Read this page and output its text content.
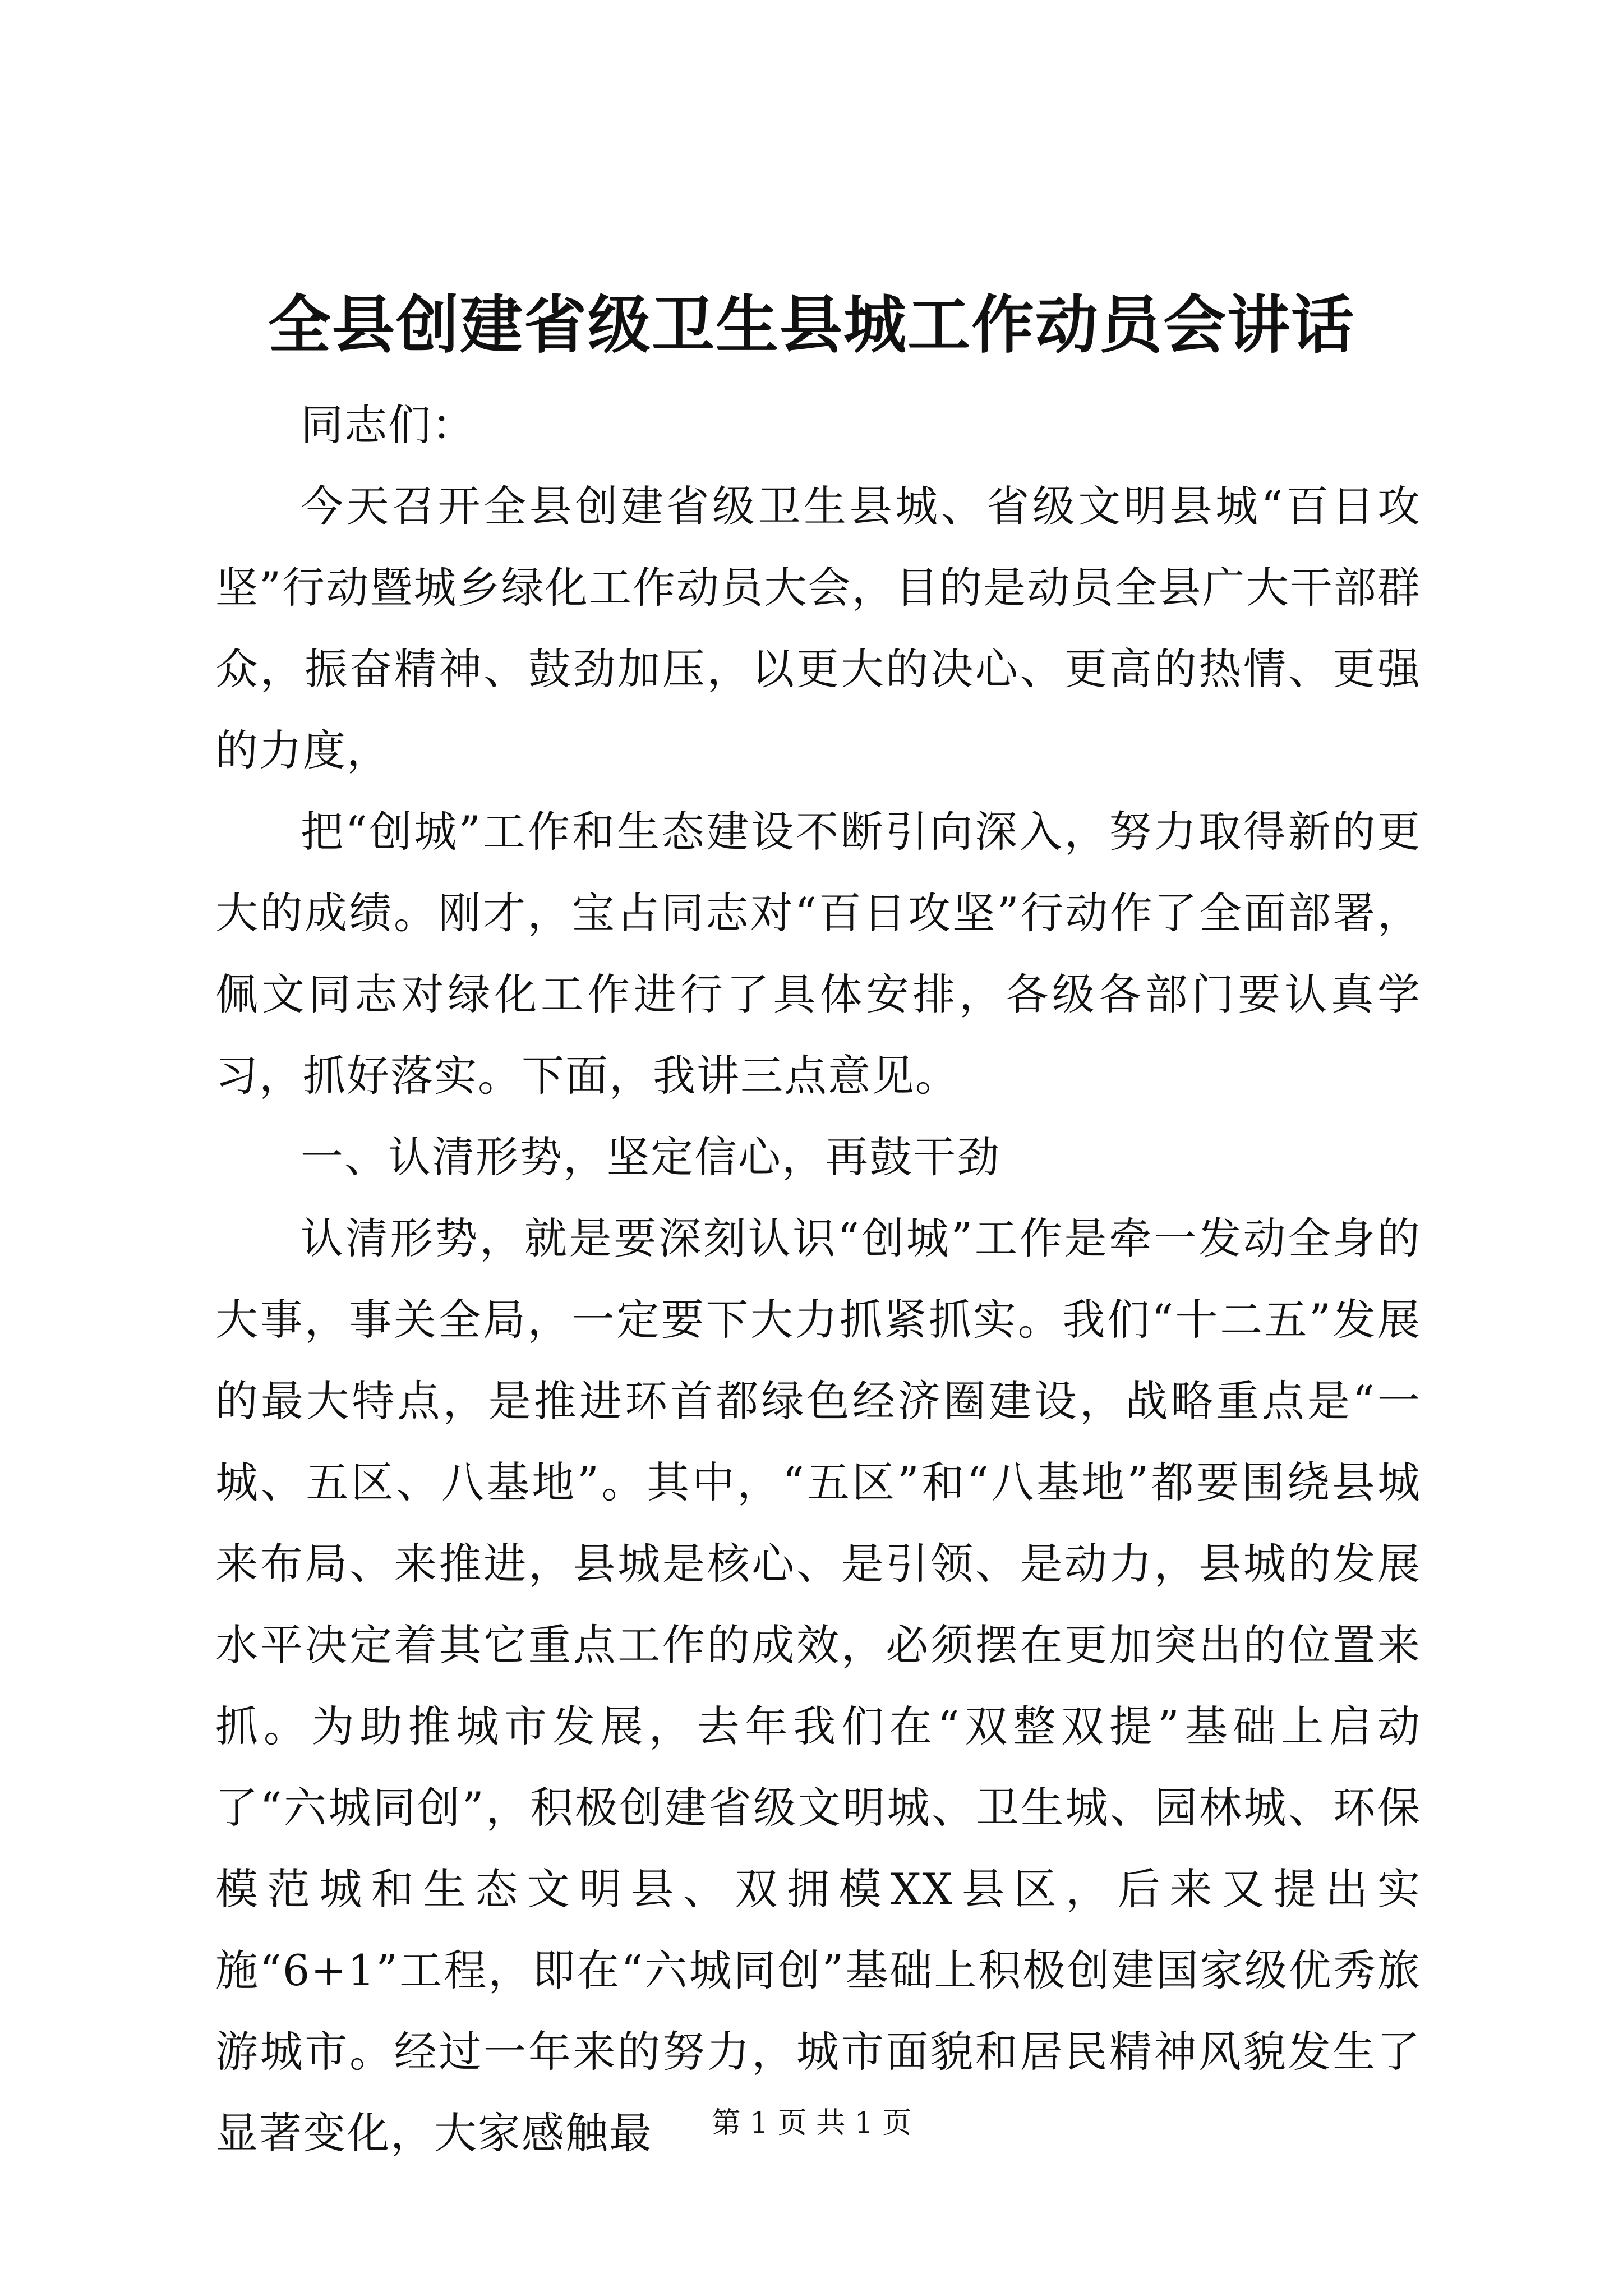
全县创建省级卫生县城工作动员会讲话

同志们：

今天召开全县创建省级卫生县城、省级文明县城“百日攻坚”行动暨城乡绿化工作动员大会，目的是动员全县广大干部群众，振奋精神、鼓劲加压，以更大的决心、更高的热情、更强的力度，

把“创城”工作和生态建设不断引向深入，努力取得新的更大的成绩。刚才，宝占同志对“百日攻坚”行动作了全面部署，佩文同志对绿化工作进行了具体安排，各级各部门要认真学习，抓好落实。下面，我讲三点意见。

一、认清形势，坚定信心，再鼓干劲

认清形势，就是要深刻认识“创城”工作是牵一发动全身的大事，事关全局，一定要下大力抓紧抓实。我们“十二五”发展的最大特点，是推进环首都绿色经济圈建设，战略重点是“一城、五区、八基地”。其中，“五区”和“八基地”都要围绕县城来布局、来推进，县城是核心、是引领、是动力，县城的发展水平决定着其它重点工作的成效，必须摆在更加突出的位置来抓。为助推城市发展，去年我们在“双整双提”基础上启动了“六城同创”，积极创建省级文明城、卫生城、园林城、环保模范城和生态文明县、双拥模XX县区，后来又提出实施“6+1”工程，即在“六城同创”基础上积极创建国家级优秀旅游城市。经过一年来的努力，城市面貌和居民精神风貌发生了显著变化，大家感触最	第 1 页 共 1 页
